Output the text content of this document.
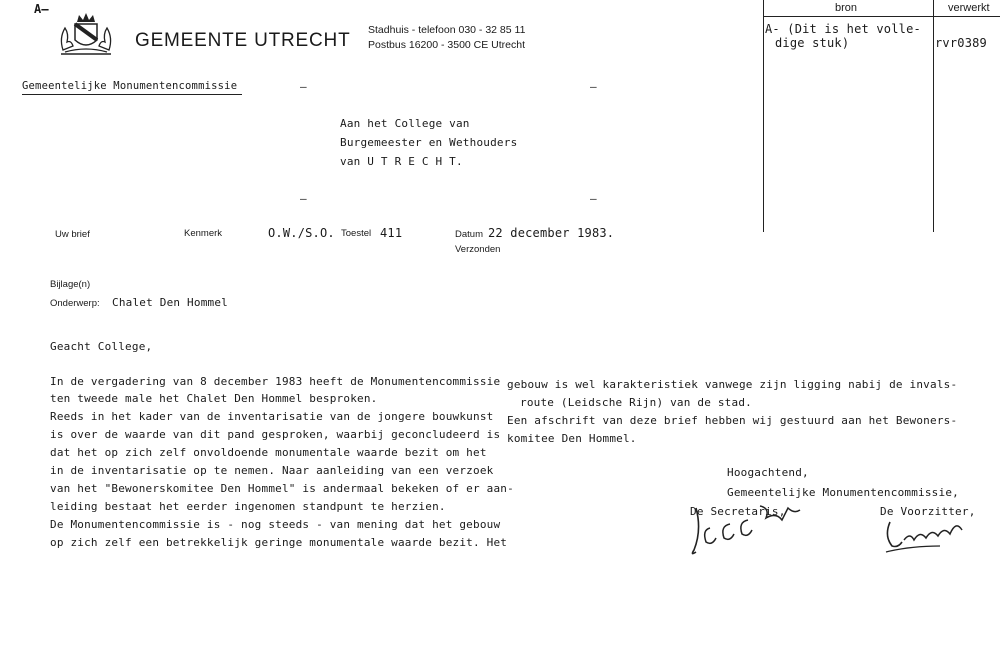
A–
GEMEENTE UTRECHT Stadhuis - telefoon 030 - 32 85 11
Postbus 16200 - 3500 CE Utrecht
bron	verwerkt
A- (Dit is het volle-
dige stuk)	rvr0389
Gemeentelijke Monumentencommissie	–	–
Aan het College van
Burgemeester en Wethouders
van U T R E C H T.
–	–
Uw brief	Kenmerk	O.W./S.O. Toestel 411	Datum 22 december 1983.
Verzonden
Bijlage(n)
Onderwerp: Chalet Den Hommel
Geacht College,
In de vergadering van 8 december 1983 heeft de Monumentencommissie
ten tweede male het Chalet Den Hommel besproken.
Reeds in het kader van de inventarisatie van de jongere bouwkunst
is over de waarde van dit pand gesproken, waarbij geconcludeerd is
dat het op zich zelf onvoldoende monumentale waarde bezit om het
in de inventarisatie op te nemen. Naar aanleiding van een verzoek
van het "Bewonerskomitee Den Hommel" is andermaal bekeken of er aan-
leiding bestaat het eerder ingenomen standpunt te herzien.
De Monumentencommissie is - nog steeds - van mening dat het gebouw
op zich zelf een betrekkelijk geringe monumentale waarde bezit. Het
gebouw is wel karakteristiek vanwege zijn ligging nabij de invals-
route (Leidsche Rijn) van de stad.
Een afschrift van deze brief hebben wij gestuurd aan het Bewoners-
komitee Den Hommel.
Hoogachtend,
Gemeentelijke Monumentencommissie,
De Secretaris,	De Voorzitter,
